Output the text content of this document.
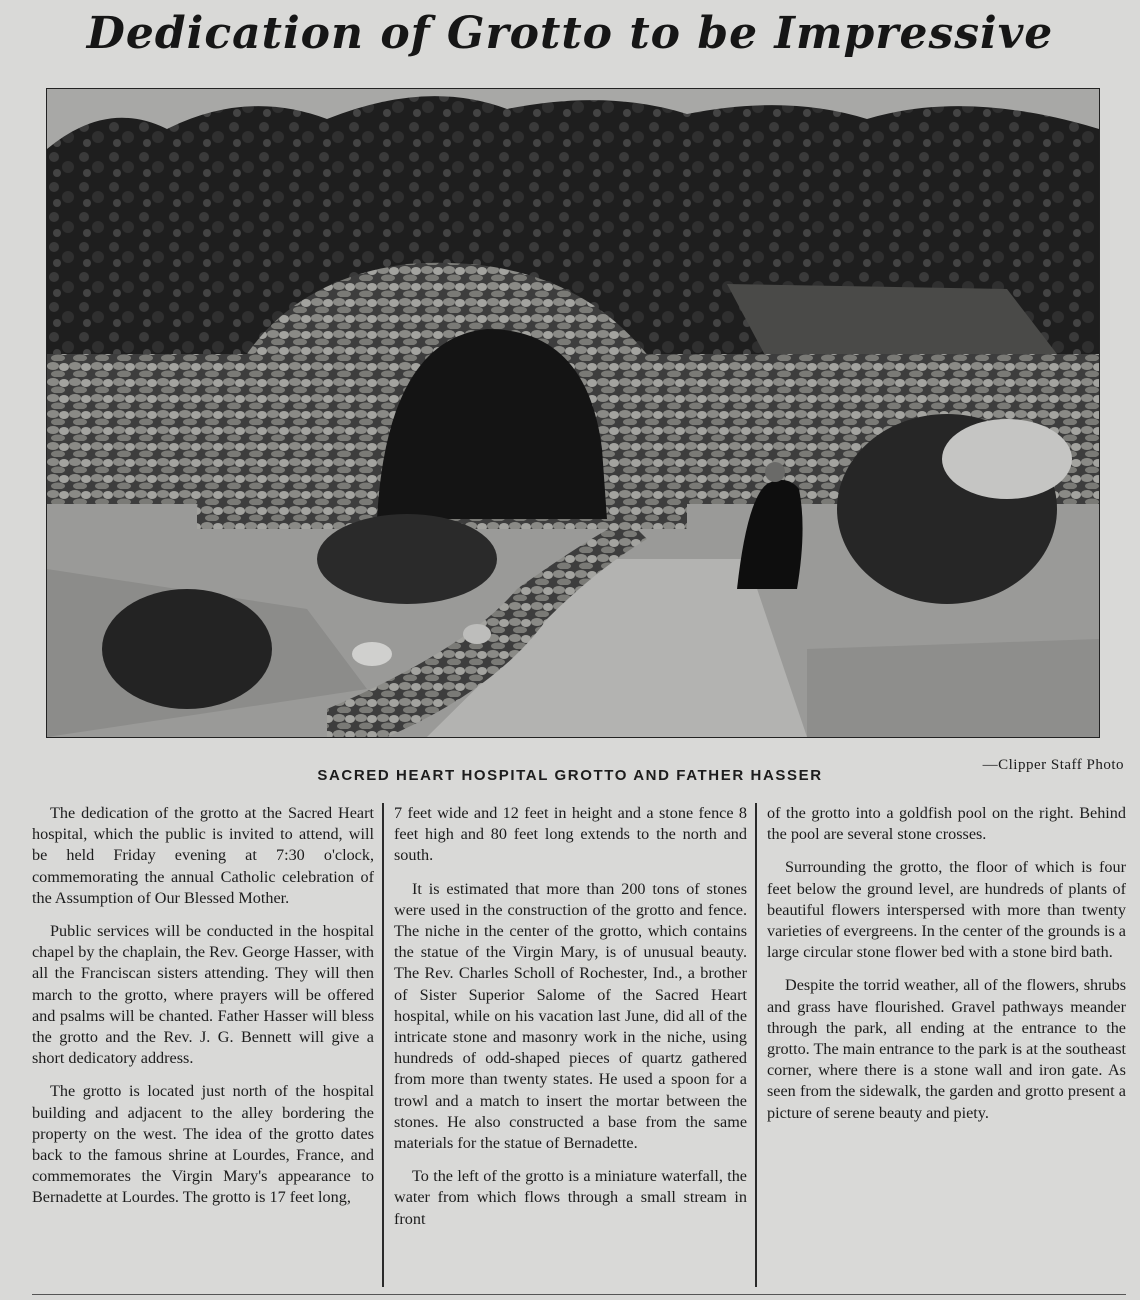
Dedication of Grotto to be Impressive
—Clipper Staff Photo
SACRED HEART HOSPITAL GROTTO AND FATHER HASSER

The dedication of the grotto at the Sacred Heart hospital, which the public is invited to attend, will be held Friday evening at 7:30 o'clock, commemorating the annual Catholic celebration of the Assumption of Our Blessed Mother.

Public services will be conducted in the hospital chapel by the chaplain, the Rev. George Hasser, with all the Franciscan sisters attending. They will then march to the grotto, where prayers will be offered and psalms will be chanted. Father Hasser will bless the grotto and the Rev. J. G. Bennett will give a short dedicatory address.

The grotto is located just north of the hospital building and adjacent to the alley bordering the property on the west. The idea of the grotto dates back to the famous shrine at Lourdes, France, and commemorates the Virgin Mary's appearance to Bernadette at Lourdes. The grotto is 17 feet long,

7 feet wide and 12 feet in height and a stone fence 8 feet high and 80 feet long extends to the north and south.

It is estimated that more than 200 tons of stones were used in the construction of the grotto and fence. The niche in the center of the grotto, which contains the statue of the Virgin Mary, is of unusual beauty. The Rev. Charles Scholl of Rochester, Ind., a brother of Sister Superior Salome of the Sacred Heart hospital, while on his vacation last June, did all of the intricate stone and masonry work in the niche, using hundreds of odd-shaped pieces of quartz gathered from more than twenty states. He used a spoon for a trowl and a match to insert the mortar between the stones. He also constructed a base from the same materials for the statue of Bernadette.

To the left of the grotto is a miniature waterfall, the water from which flows through a small stream in front

of the grotto into a goldfish pool on the right. Behind the pool are several stone crosses.

Surrounding the grotto, the floor of which is four feet below the ground level, are hundreds of plants of beautiful flowers interspersed with more than twenty varieties of evergreens. In the center of the grounds is a large circular stone flower bed with a stone bird bath.

Despite the torrid weather, all of the flowers, shrubs and grass have flourished. Gravel pathways meander through the park, all ending at the entrance to the grotto. The main entrance to the park is at the southeast corner, where there is a stone wall and iron gate. As seen from the sidewalk, the garden and grotto present a picture of serene beauty and piety.
